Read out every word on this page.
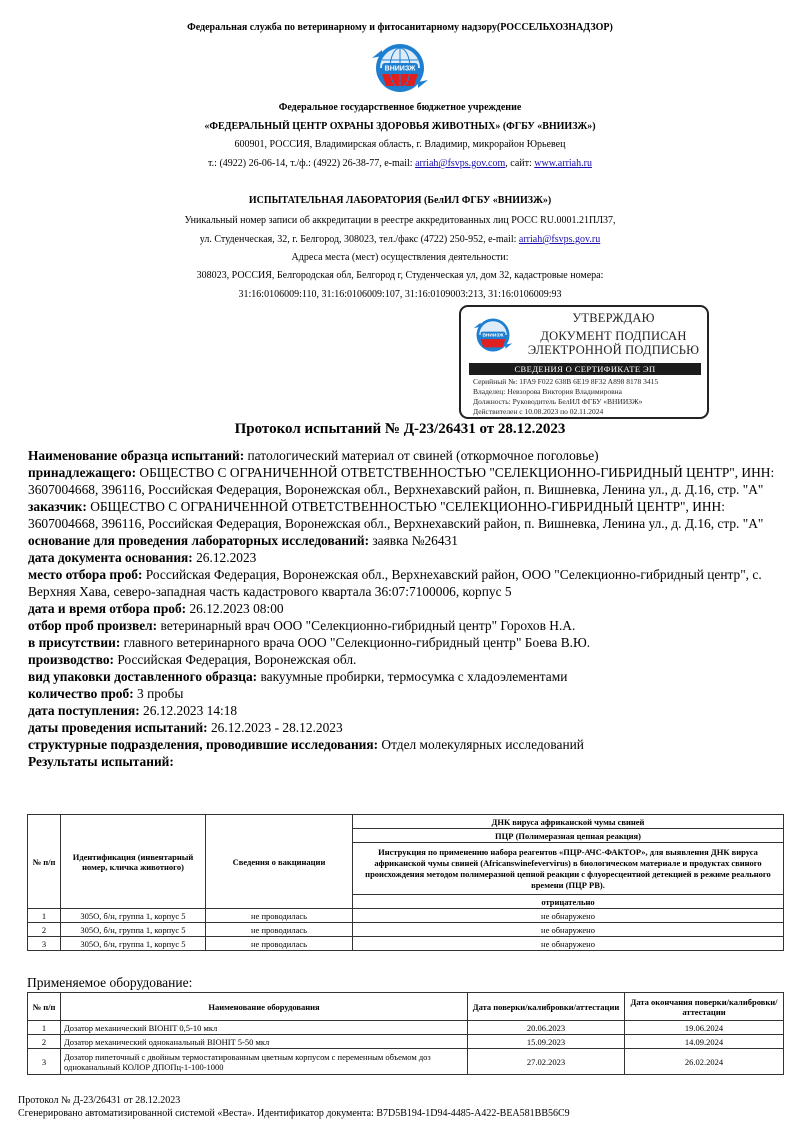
Федеральная служба по ветеринарному и фитосанитарному надзору(РОССЕЛЬХОЗНАДЗОР)
ВНИИЗЖ
Федеральное государственное бюджетное учреждение
«ФЕДЕРАЛЬНЫЙ ЦЕНТР ОХРАНЫ ЗДОРОВЬЯ ЖИВОТНЫХ» (ФГБУ «ВНИИЗЖ»)
600901, РОССИЯ, Владимирская область, г. Владимир, микрорайон Юрьевец
т.: (4922) 26-06-14, т./ф.: (4922) 26-38-77, e-mail: arriah@fsvps.gov.com, сайт: www.arriah.ru
ИСПЫТАТЕЛЬНАЯ ЛАБОРАТОРИЯ (БелИЛ ФГБУ «ВНИИЗЖ»)
Уникальный номер записи об аккредитации в реестре аккредитованных лиц РОСС RU.0001.21ПЛ37,
ул. Студенческая, 32, г. Белгород, 308023, тел./факс (4722) 250-952, e-mail: arriah@fsvps.gov.ru
Адреса места (мест) осуществления деятельности:
308023, РОССИЯ, Белгородская обл, Белгород г, Студенческая ул, дом 32, кадастровые номера:
31:16:0106009:110, 31:16:0106009:107, 31:16:0109003:213, 31:16:0106009:93
ВНИИЗЖ
УТВЕРЖДАЮ
ДОКУМЕНТ ПОДПИСАН
ЭЛЕКТРОННОЙ ПОДПИСЬЮ
СВЕДЕНИЯ О СЕРТИФИКАТЕ ЭП
Серийный №: 1FA9 F022 638B 6E19 8F32 A898 8178 3415
Владелец: Невзорова Виктория Владимировна
Должность: Руководитель БелИЛ ФГБУ «ВНИИЗЖ»
Действителен с 10.08.2023 по 02.11.2024
Протокол испытаний № Д-23/26431 от 28.12.2023

Наименование образца испытаний: патологический материал от свиней (откормочное поголовье)

принадлежащего: ОБЩЕСТВО С ОГРАНИЧЕННОЙ ОТВЕТСТВЕННОСТЬЮ "СЕЛЕКЦИОННО-ГИБРИДНЫЙ ЦЕНТР", ИНН: 3607004668, 396116, Российская Федерация, Воронежская обл., Верхнехавский район, п. Вишневка, Ленина ул., д. Д.16, стр. "А"

заказчик: ОБЩЕСТВО С ОГРАНИЧЕННОЙ ОТВЕТСТВЕННОСТЬЮ "СЕЛЕКЦИОННО-ГИБРИДНЫЙ ЦЕНТР", ИНН: 3607004668, 396116, Российская Федерация, Воронежская обл., Верхнехавский район, п. Вишневка, Ленина ул., д. Д.16, стр. "А"

основание для проведения лабораторных исследований: заявка №26431

дата документа основания: 26.12.2023

место отбора проб: Российская Федерация, Воронежская обл., Верхнехавский район, ООО "Селекционно-гибридный центр", с. Верхняя Хава, северо-западная часть кадастрового квартала 36:07:7100006, корпус 5

дата и время отбора проб: 26.12.2023 08:00

отбор проб произвел: ветеринарный врач ООО "Селекционно-гибридный центр" Горохов Н.А.

в присутствии: главного ветеринарного врача ООО "Селекционно-гибридный центр" Боева В.Ю.

производство: Российская Федерация, Воронежская обл.

вид упаковки доставленного образца: вакуумные пробирки, термосумка с хладоэлементами

количество проб: 3 пробы

дата поступления: 26.12.2023 14:18

даты проведения испытаний: 26.12.2023 - 28.12.2023

структурные подразделения, проводившие исследования: Отдел молекулярных исследований

Результаты испытаний:

№ п/п	Идентификация (инвентарный номер, кличка животного)	Сведения о вакцинации	ДНК вируса африканской чумы свиней
			ПЦР (Полимеразная цепная реакция)
			Инструкция по применению набора реагентов «ПЦР-АЧС-ФАКТОР», для выявления ДНК вируса африканской чумы свиней (Africanswinefevervirus) в биологическом материале и продуктах свиного происхождения методом полимеразной цепной реакции с флуоресцентной детекцией в режиме реального времени (ПЦР РВ).
			отрицательно

1	305O, б/н, группа 1, корпус 5	не проводилась	не обнаружено
2	305O, б/н, группа 1, корпус 5	не проводилась	не обнаружено
3	305O, б/н, группа 1, корпус 5	не проводилась	не обнаружено
Применяемое оборудование:
№ п/п	Наименование оборудования	Дата поверки/калибровки/аттестации	Дата окончания поверки/калибровки/аттестации
1	Дозатор механический BIOHIT 0,5-10 мкл	20.06.2023	19.06.2024
2	Дозатор механический одноканальный BIOHIT 5-50 мкл	15.09.2023	14.09.2024
3	Дозатор пипеточный с двойным термостатированным цветным корпусом с переменным объемом доз одноканальный КОЛОР ДПОПц-1-100-1000	27.02.2023	26.02.2024
Протокол № Д-23/26431 от 28.12.2023
Сгенерировано автоматизированной системой «Веста». Идентификатор документа: B7D5B194-1D94-4485-A422-BEA581BB56C9
